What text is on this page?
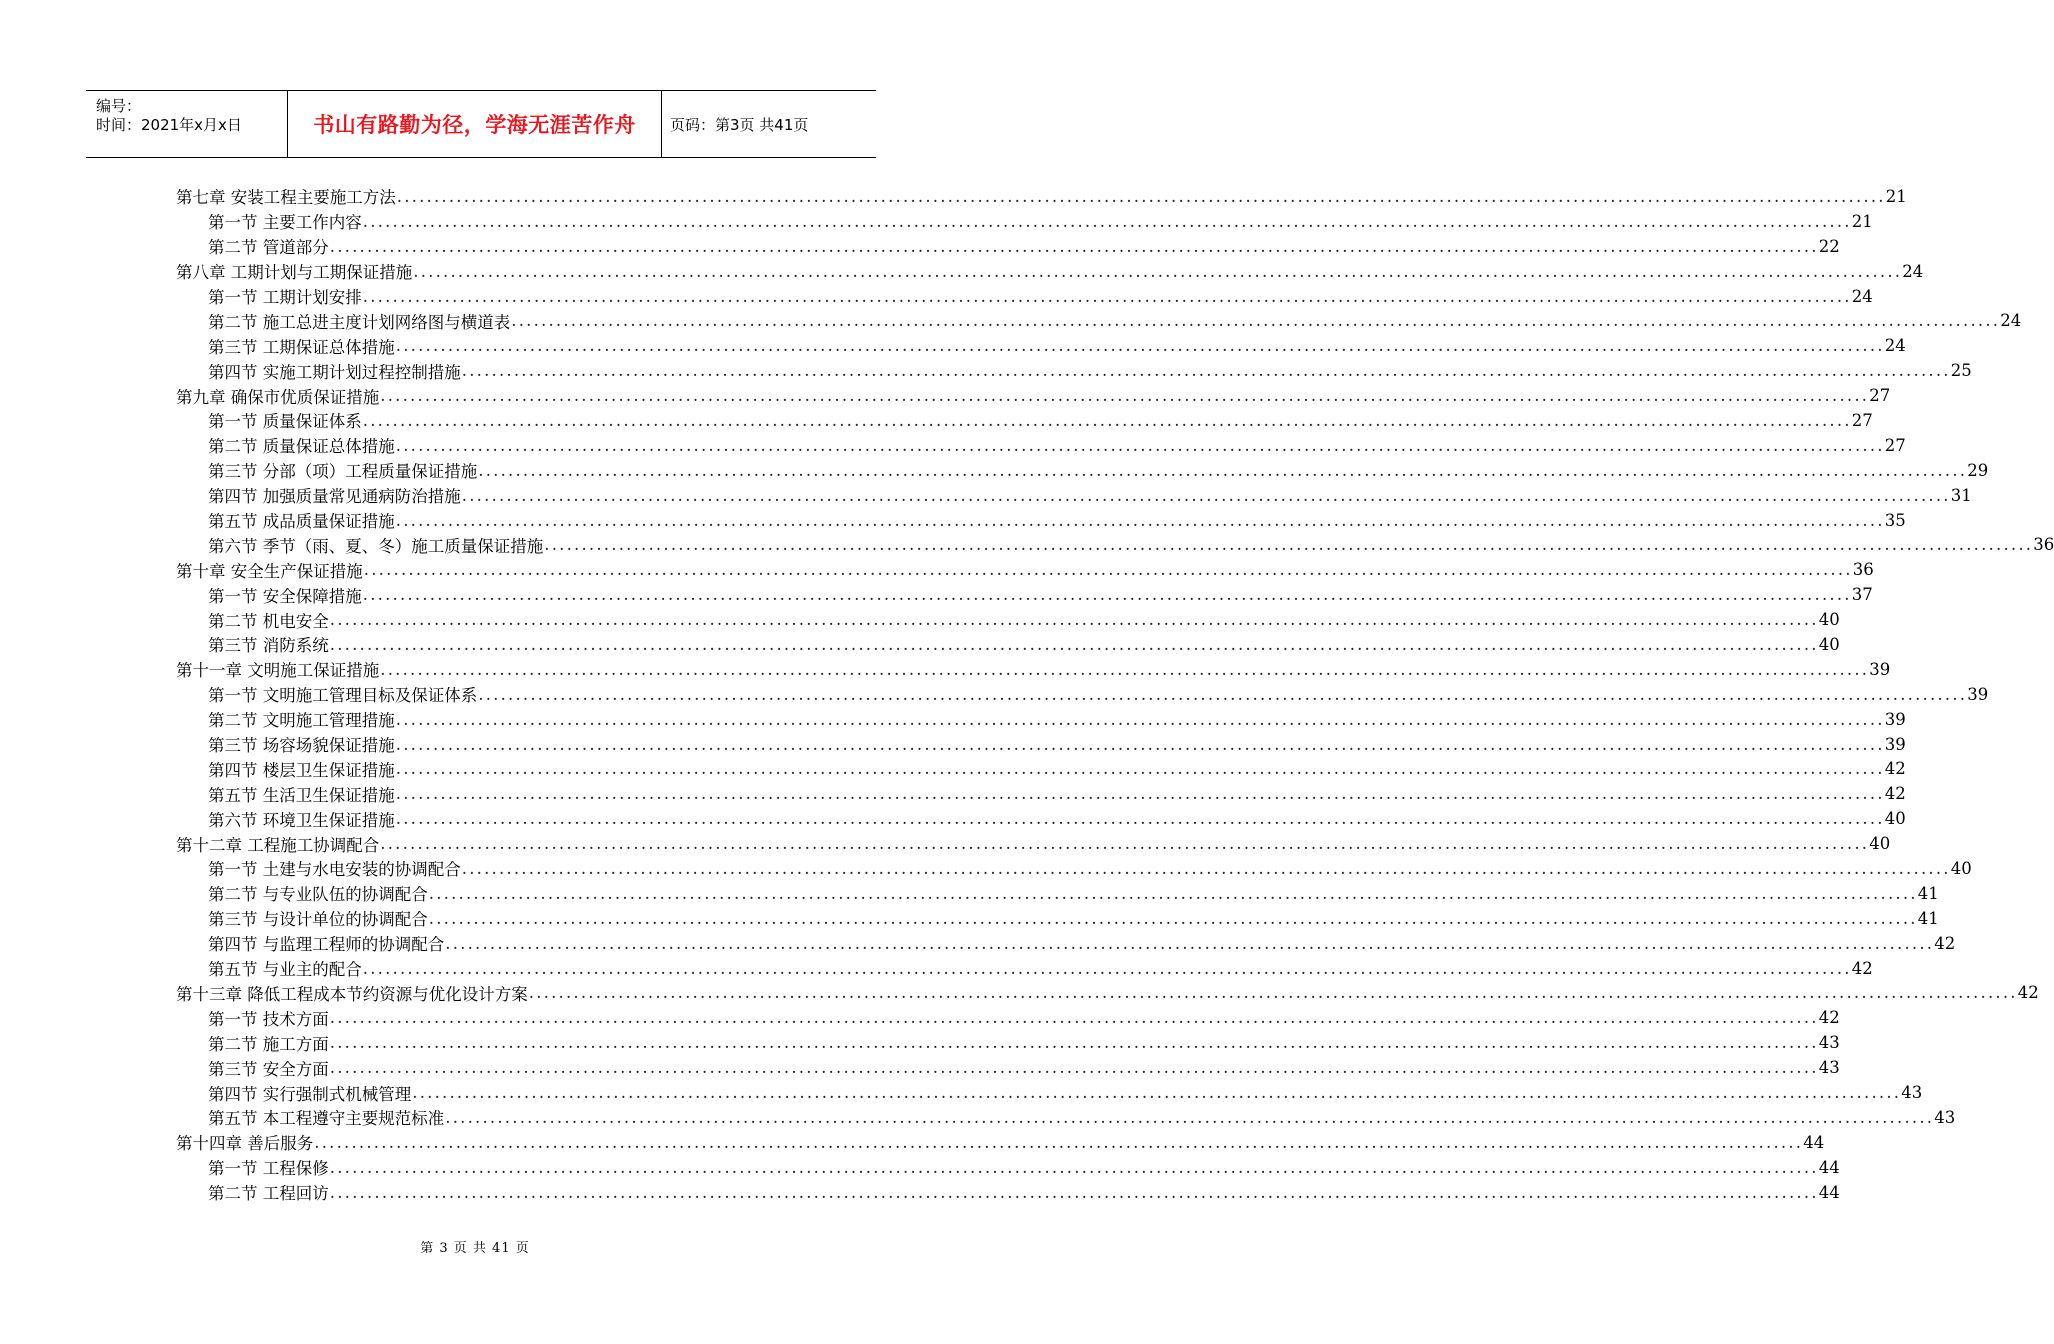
编号：
时间：2021年x月x日	书山有路勤为径，学海无涯苦作舟 页码：第3页 共41页
第七章 安装工程主要施工方法 ........................................................................................................................................................................................................ 21
第一节 主要工作内容 ........................................................................................................................................................................................................ 21
第二节 管道部分 ........................................................................................................................................................................................................ 22
第八章 工期计划与工期保证措施 ........................................................................................................................................................................................................ 24
第一节 工期计划安排 ........................................................................................................................................................................................................ 24
第二节 施工总进主度计划网络图与横道表 ........................................................................................................................................................................................................ 24
第三节 工期保证总体措施 ........................................................................................................................................................................................................ 24
第四节 实施工期计划过程控制措施 ........................................................................................................................................................................................................ 25
第九章 确保市优质保证措施 ........................................................................................................................................................................................................ 27
第一节 质量保证体系 ........................................................................................................................................................................................................ 27
第二节 质量保证总体措施 ........................................................................................................................................................................................................ 27
第三节 分部（项）工程质量保证措施 ........................................................................................................................................................................................................ 29
第四节 加强质量常见通病防治措施 ........................................................................................................................................................................................................ 31
第五节 成品质量保证措施 ........................................................................................................................................................................................................ 35
第六节 季节（雨、夏、冬）施工质量保证措施 ........................................................................................................................................................................................................ 36
第十章 安全生产保证措施 ........................................................................................................................................................................................................ 36
第一节 安全保障措施 ........................................................................................................................................................................................................ 37
第二节 机电安全 ........................................................................................................................................................................................................ 40
第三节 消防系统 ........................................................................................................................................................................................................ 40
第十一章 文明施工保证措施 ........................................................................................................................................................................................................ 39
第一节 文明施工管理目标及保证体系 ........................................................................................................................................................................................................ 39
第二节 文明施工管理措施 ........................................................................................................................................................................................................ 39
第三节 场容场貌保证措施 ........................................................................................................................................................................................................ 39
第四节 楼层卫生保证措施 ........................................................................................................................................................................................................ 42
第五节 生活卫生保证措施 ........................................................................................................................................................................................................ 42
第六节 环境卫生保证措施 ........................................................................................................................................................................................................ 40
第十二章 工程施工协调配合 ........................................................................................................................................................................................................ 40
第一节 土建与水电安装的协调配合 ........................................................................................................................................................................................................ 40
第二节 与专业队伍的协调配合 ........................................................................................................................................................................................................ 41
第三节 与设计单位的协调配合 ........................................................................................................................................................................................................ 41
第四节 与监理工程师的协调配合 ........................................................................................................................................................................................................ 42
第五节 与业主的配合 ........................................................................................................................................................................................................ 42
第十三章 降低工程成本节约资源与优化设计方案 ........................................................................................................................................................................................................ 42
第一节 技术方面 ........................................................................................................................................................................................................ 42
第二节 施工方面 ........................................................................................................................................................................................................ 43
第三节 安全方面 ........................................................................................................................................................................................................ 43
第四节 实行强制式机械管理 ........................................................................................................................................................................................................ 43
第五节 本工程遵守主要规范标准 ........................................................................................................................................................................................................ 43
第十四章 善后服务 ........................................................................................................................................................................................................ 44
第一节 工程保修 ........................................................................................................................................................................................................ 44
第二节 工程回访 ........................................................................................................................................................................................................ 44
第 3 页 共 41 页
